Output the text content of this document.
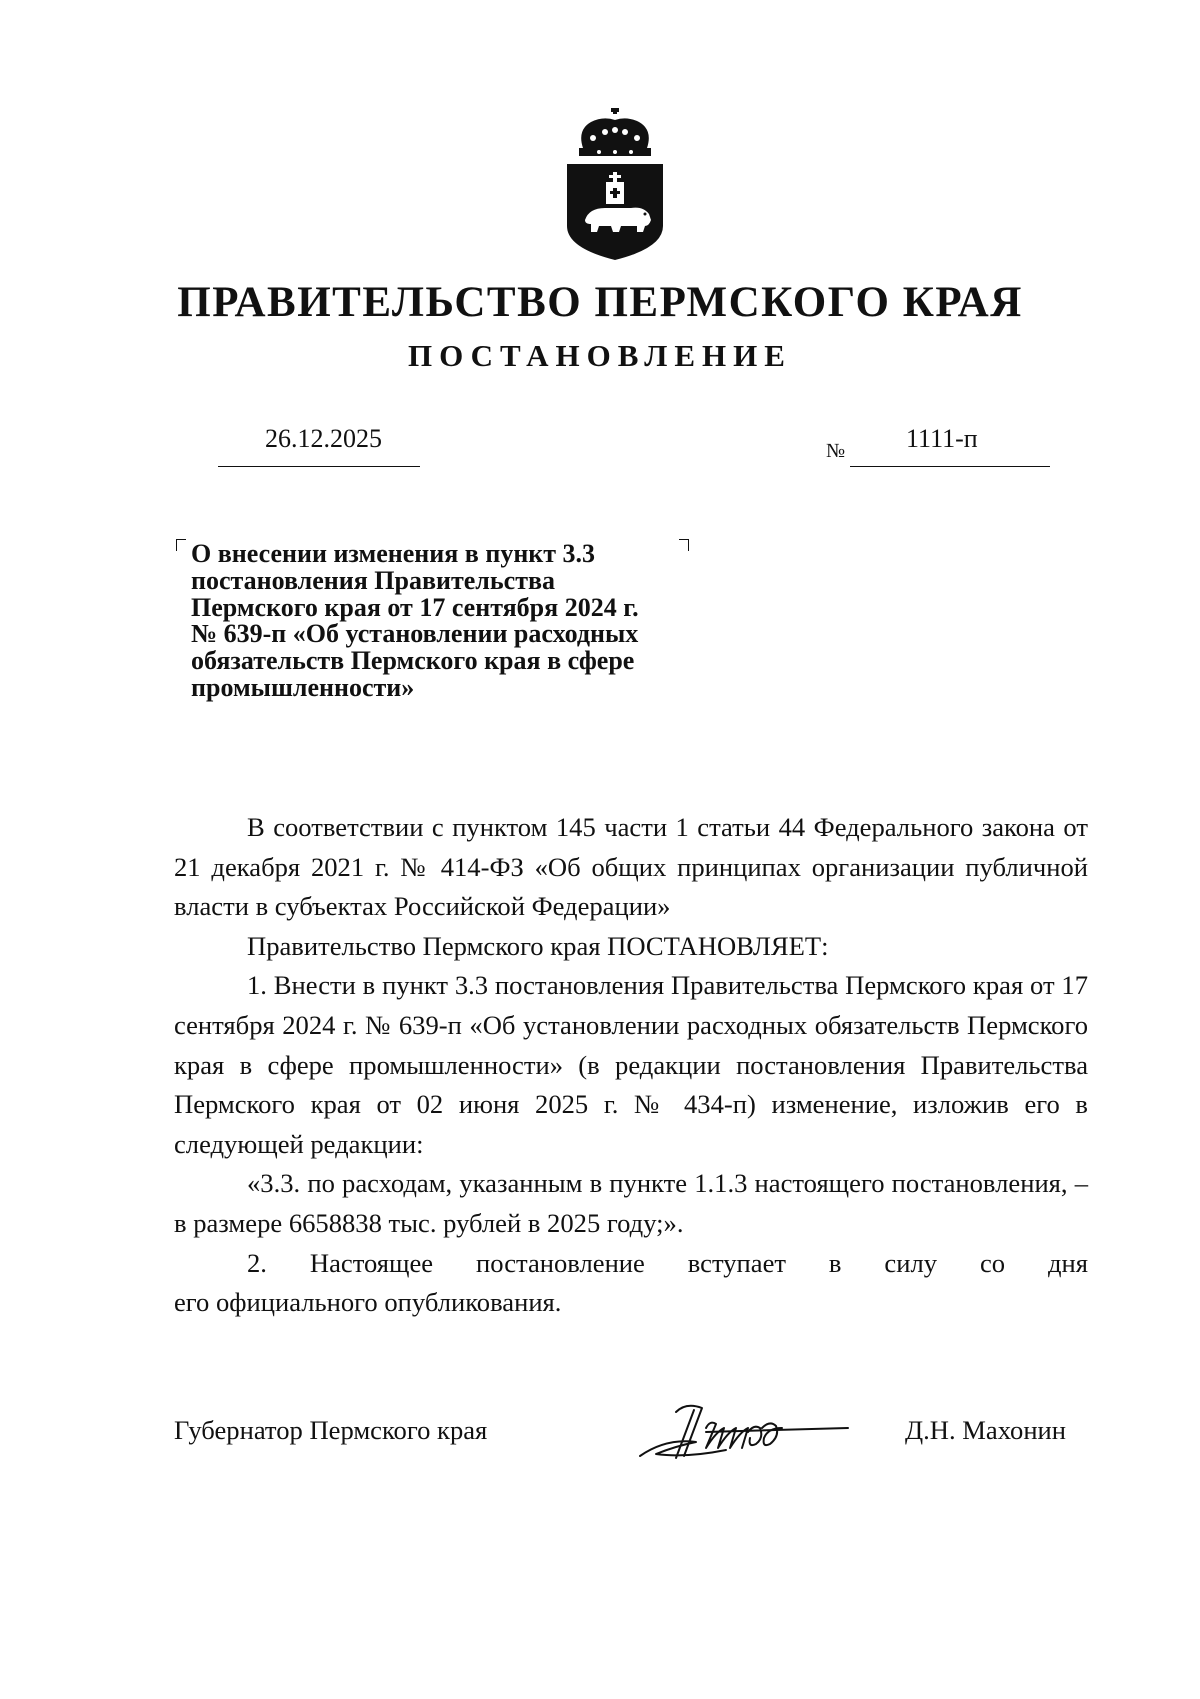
ПРАВИТЕЛЬСТВО ПЕРМСКОГО КРАЯ
ПОСТАНОВЛЕНИЕ
26.12.2025	№ 1111-п
О внесении изменения в пункт 3.3 постановления Правительства Пермского края от 17 сентября 2024 г. № 639-п «Об установлении расходных обязательств Пермского края в сфере промышленности»

В соответствии с пунктом 145 части 1 статьи 44 Федерального закона от 21 декабря 2021 г. № 414-ФЗ «Об общих принципах организации публичной власти в субъектах Российской Федерации»

Правительство Пермского края ПОСТАНОВЛЯЕТ:

1. Внести в пункт 3.3 постановления Правительства Пермского края от 17 сентября 2024 г. № 639-п «Об установлении расходных обязательств Пермского края в сфере промышленности» (в редакции постановления Правительства Пермского края от 02 июня 2025 г. № 434-п) изменение, изложив его в следующей редакции:

«3.3. по расходам, указанным в пункте 1.1.3 настоящего постановления, – в размере 6658838 тыс. рублей в 2025 году;».

2. Настоящее постановление вступает в силу со дня

его официального опубликования.

Губернатор Пермского края	Д.Н. Махонин
